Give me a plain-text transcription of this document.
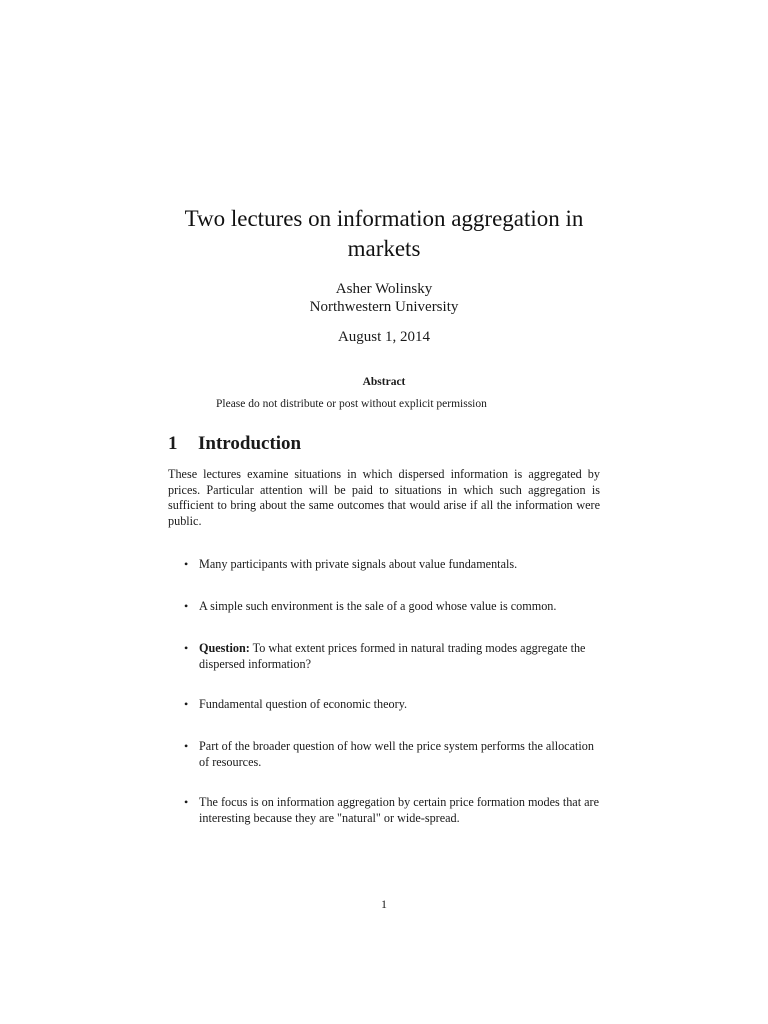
Two lectures on information aggregation in
markets
Asher Wolinsky
Northwestern University
August 1, 2014
Abstract
Please do not distribute or post without explicit permission
1 Introduction
These lectures examine situations in which dispersed information is aggregated by prices. Particular attention will be paid to situations in which such aggregation is sufficient to bring about the same outcomes that would arise if all the information were public.
• Many participants with private signals about value fundamentals.
• A simple such environment is the sale of a good whose value is common.
• Question: To what extent prices formed in natural trading modes aggregate the dispersed information?
• Fundamental question of economic theory.
• Part of the broader question of how well the price system performs the allocation of resources.
• The focus is on information aggregation by certain price formation modes that are interesting because they are "natural" or wide-spread.
1
